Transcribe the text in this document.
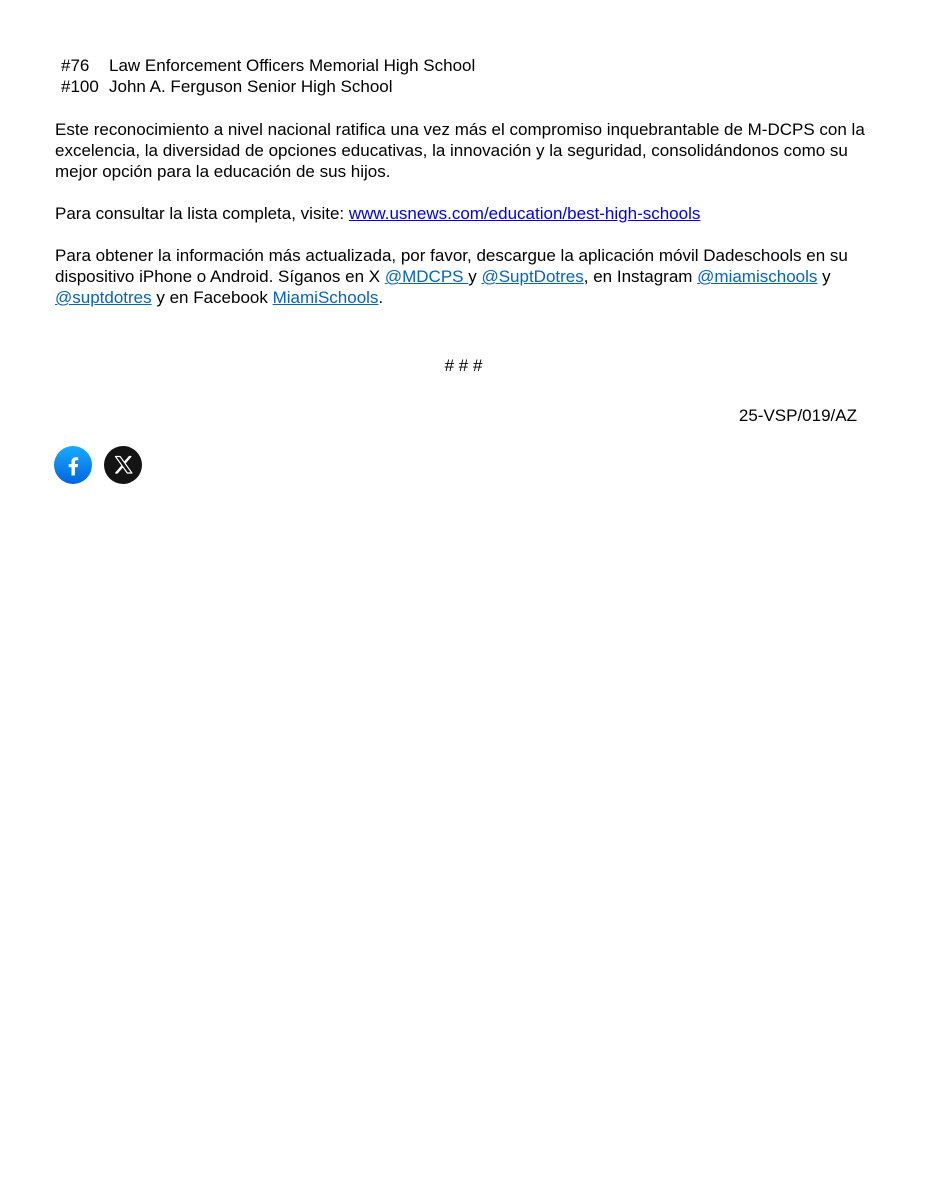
#76 Law Enforcement Officers Memorial High School
#100 John A. Ferguson Senior High School

Este reconocimiento a nivel nacional ratifica una vez más el compromiso inquebrantable de M-DCPS con la excelencia, la diversidad de opciones educativas, la innovación y la seguridad, consolidándonos como su mejor opción para la educación de sus hijos.

Para consultar la lista completa, visite: www.usnews.com/education/best-high-schools

Para obtener la información más actualizada, por favor, descargue la aplicación móvil Dadeschools en su dispositivo iPhone o Android. Síganos en X @MDCPS y @SuptDotres, en Instagram @miamischools y @suptdotres y en Facebook MiamiSchools.

# # #
25-VSP/019/AZ
